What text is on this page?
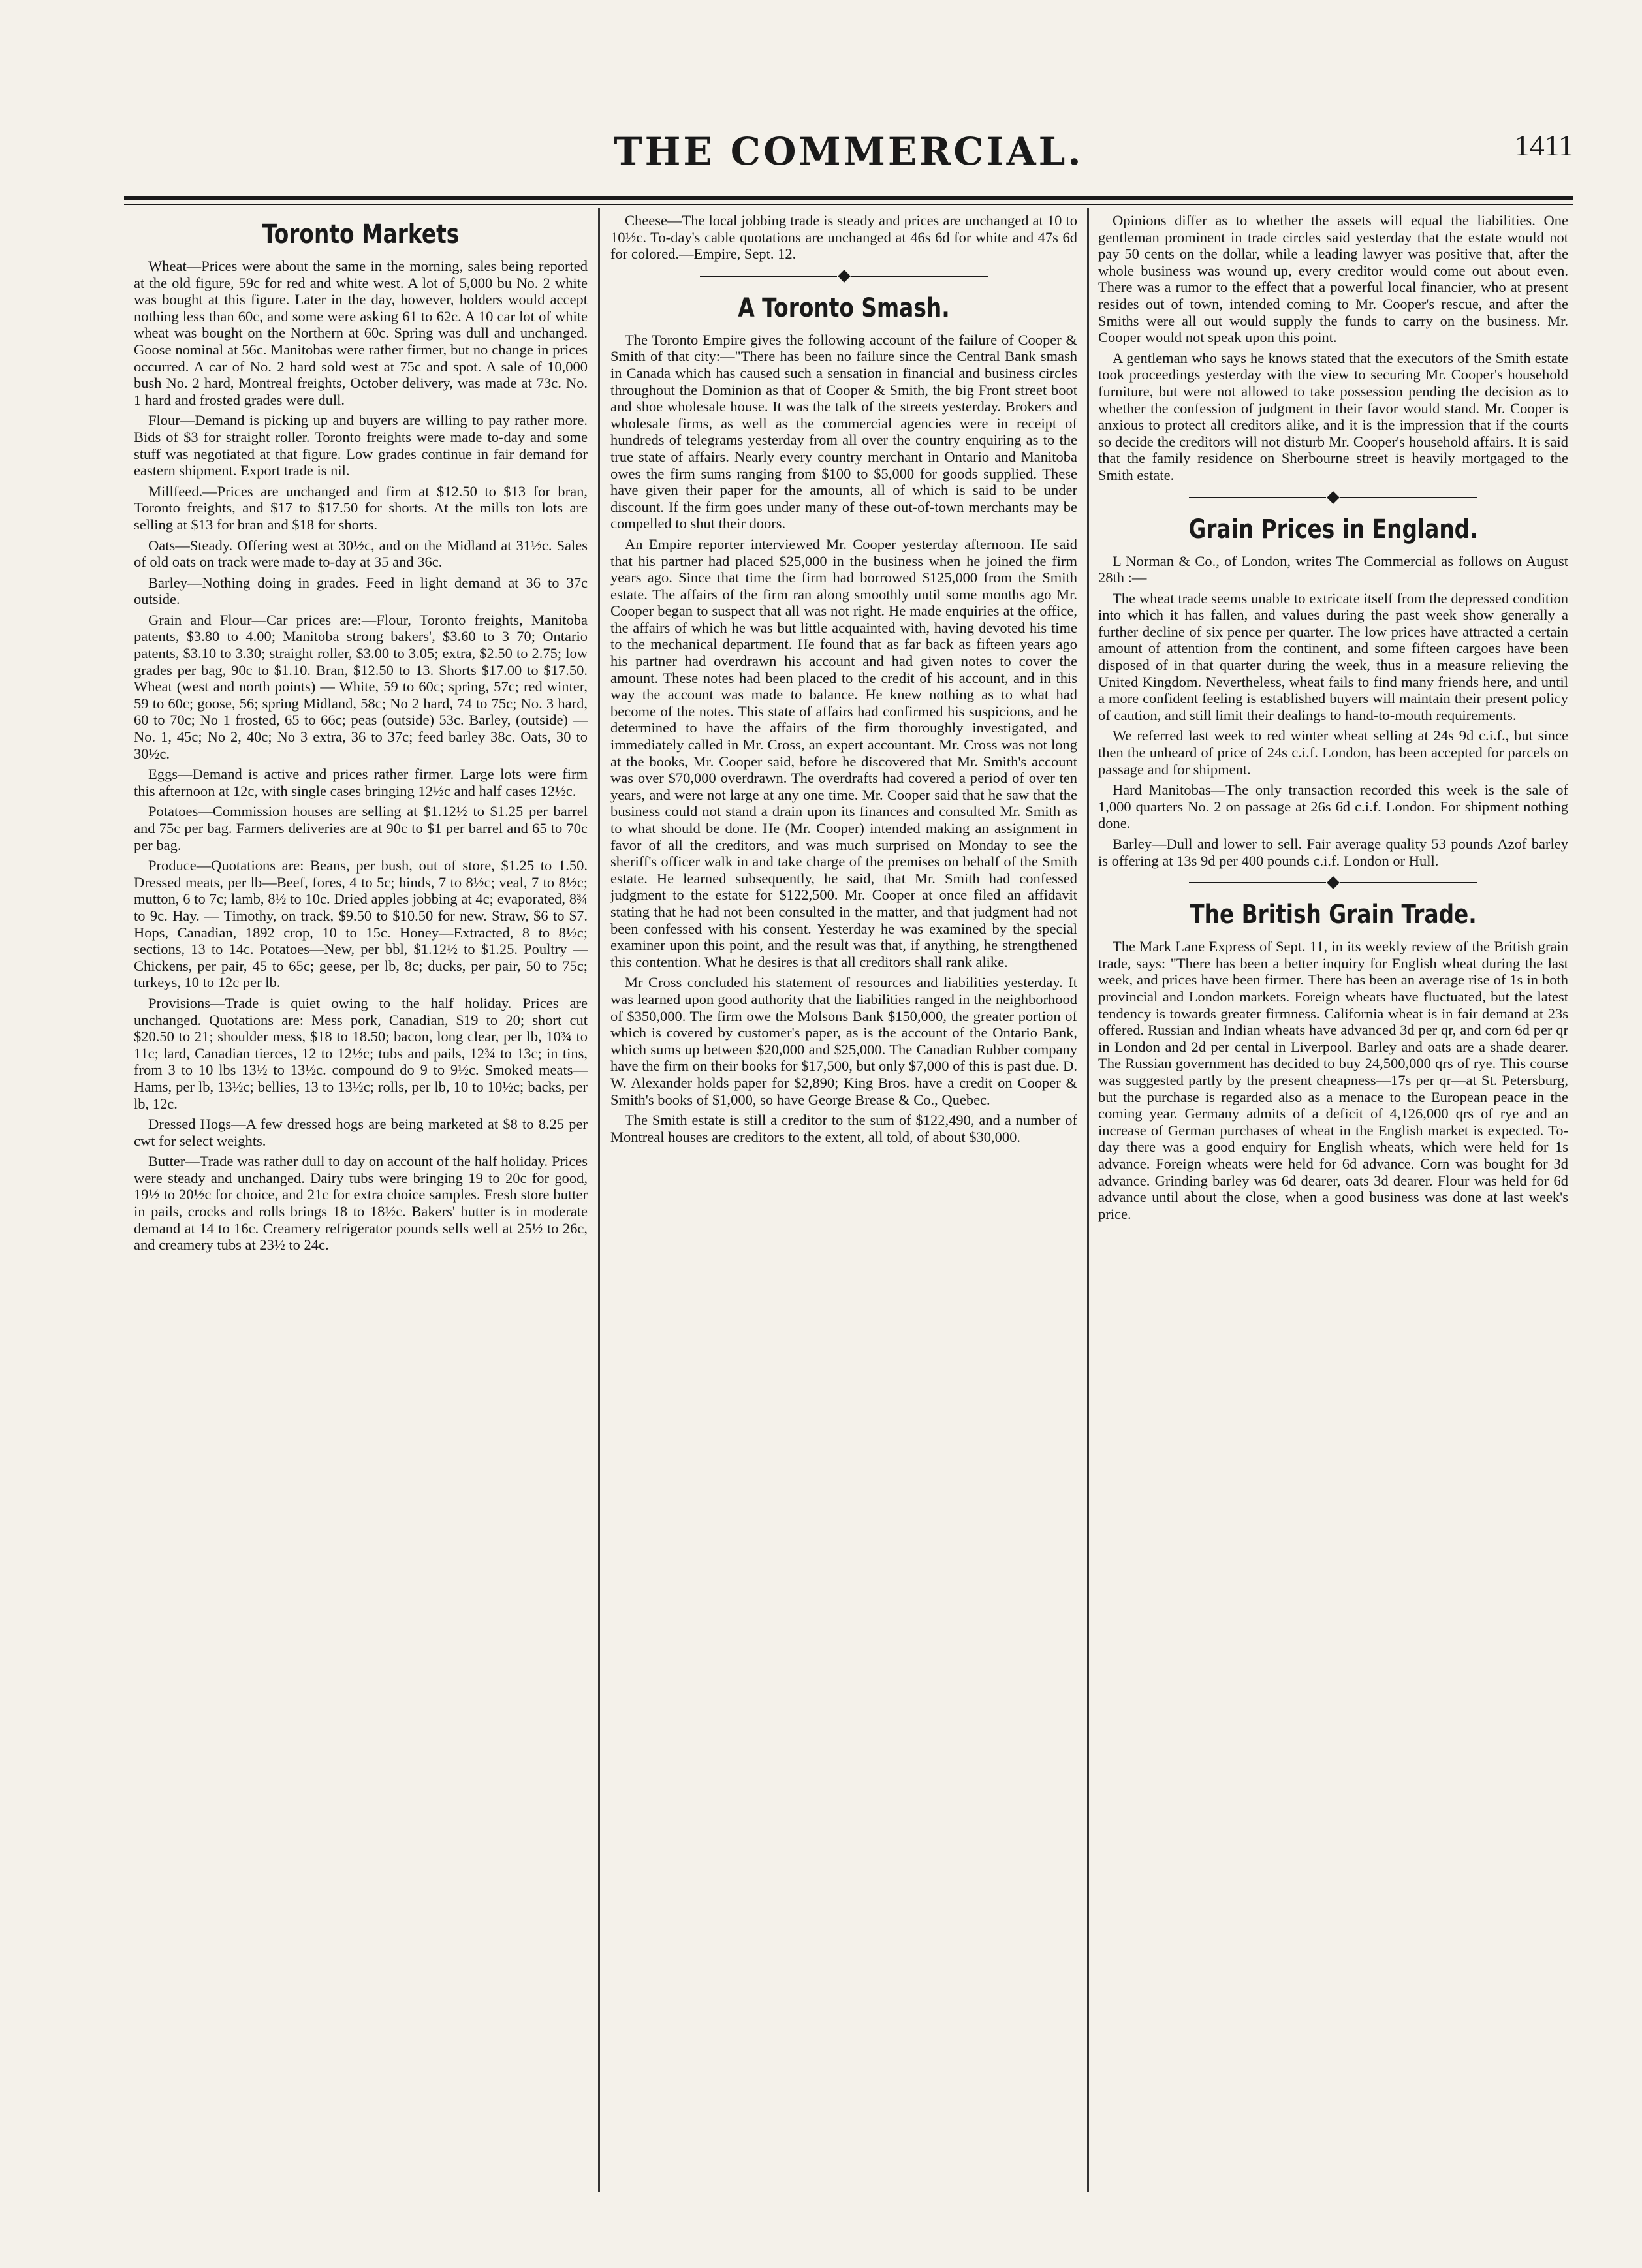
THE COMMERCIAL.	1411
Toronto Markets

Wheat—Prices were about the same in the morning, sales being reported at the old figure, 59c for red and white west. A lot of 5,000 bu No. 2 white was bought at this figure. Later in the day, however, holders would accept nothing less than 60c, and some were asking 61 to 62c. A 10 car lot of white wheat was bought on the Northern at 60c. Spring was dull and unchanged. Goose nominal at 56c. Manitobas were rather firmer, but no change in prices occurred. A car of No. 2 hard sold west at 75c and spot. A sale of 10,000 bush No. 2 hard, Montreal freights, October delivery, was made at 73c. No. 1 hard and frosted grades were dull.

Flour—Demand is picking up and buyers are willing to pay rather more. Bids of $3 for straight roller. Toronto freights were made to-day and some stuff was negotiated at that figure. Low grades continue in fair demand for eastern shipment. Export trade is nil.

Millfeed.—Prices are unchanged and firm at $12.50 to $13 for bran, Toronto freights, and $17 to $17.50 for shorts. At the mills ton lots are selling at $13 for bran and $18 for shorts.

Oats—Steady. Offering west at 30½c, and on the Midland at 31½c. Sales of old oats on track were made to-day at 35 and 36c.

Barley—Nothing doing in grades. Feed in light demand at 36 to 37c outside.

Grain and Flour—Car prices are:—Flour, Toronto freights, Manitoba patents, $3.80 to 4.00; Manitoba strong bakers', $3.60 to 3 70; Ontario patents, $3.10 to 3.30; straight roller, $3.00 to 3.05; extra, $2.50 to 2.75; low grades per bag, 90c to $1.10. Bran, $12.50 to 13. Shorts $17.00 to $17.50. Wheat (west and north points) — White, 59 to 60c; spring, 57c; red winter, 59 to 60c; goose, 56; spring Midland, 58c; No 2 hard, 74 to 75c; No. 3 hard, 60 to 70c; No 1 frosted, 65 to 66c; peas (outside) 53c. Barley, (outside) — No. 1, 45c; No 2, 40c; No 3 extra, 36 to 37c; feed barley 38c. Oats, 30 to 30½c.

Eggs—Demand is active and prices rather firmer. Large lots were firm this afternoon at 12c, with single cases bringing 12½c and half cases 12½c.

Potatoes—Commission houses are selling at $1.12½ to $1.25 per barrel and 75c per bag. Farmers deliveries are at 90c to $1 per barrel and 65 to 70c per bag.

Produce—Quotations are: Beans, per bush, out of store, $1.25 to 1.50. Dressed meats, per lb—Beef, fores, 4 to 5c; hinds, 7 to 8½c; veal, 7 to 8½c; mutton, 6 to 7c; lamb, 8½ to 10c. Dried apples jobbing at 4c; evaporated, 8¾ to 9c. Hay. — Timothy, on track, $9.50 to $10.50 for new. Straw, $6 to $7. Hops, Canadian, 1892 crop, 10 to 15c. Honey—Extracted, 8 to 8½c; sections, 13 to 14c. Potatoes—New, per bbl, $1.12½ to $1.25. Poultry —Chickens, per pair, 45 to 65c; geese, per lb, 8c; ducks, per pair, 50 to 75c; turkeys, 10 to 12c per lb.

Provisions—Trade is quiet owing to the half holiday. Prices are unchanged. Quotations are: Mess pork, Canadian, $19 to 20; short cut $20.50 to 21; shoulder mess, $18 to 18.50; bacon, long clear, per lb, 10¾ to 11c; lard, Canadian tierces, 12 to 12½c; tubs and pails, 12¾ to 13c; in tins, from 3 to 10 lbs 13½ to 13½c. compound do 9 to 9½c. Smoked meats—Hams, per lb, 13½c; bellies, 13 to 13½c; rolls, per lb, 10 to 10½c; backs, per lb, 12c.

Dressed Hogs—A few dressed hogs are being marketed at $8 to 8.25 per cwt for select weights.

Butter—Trade was rather dull to day on account of the half holiday. Prices were steady and unchanged. Dairy tubs were bringing 19 to 20c for good, 19½ to 20½c for choice, and 21c for extra choice samples. Fresh store butter in pails, crocks and rolls brings 18 to 18½c. Bakers' butter is in moderate demand at 14 to 16c. Creamery refrigerator pounds sells well at 25½ to 26c, and creamery tubs at 23½ to 24c.

Cheese—The local jobbing trade is steady and prices are unchanged at 10 to 10½c. To-day's cable quotations are unchanged at 46s 6d for white and 47s 6d for colored.—Empire, Sept. 12.

A Toronto Smash.

The Toronto Empire gives the following account of the failure of Cooper & Smith of that city:—"There has been no failure since the Central Bank smash in Canada which has caused such a sensation in financial and business circles throughout the Dominion as that of Cooper & Smith, the big Front street boot and shoe wholesale house. It was the talk of the streets yesterday. Brokers and wholesale firms, as well as the commercial agencies were in receipt of hundreds of telegrams yesterday from all over the country enquiring as to the true state of affairs. Nearly every country merchant in Ontario and Manitoba owes the firm sums ranging from $100 to $5,000 for goods supplied. These have given their paper for the amounts, all of which is said to be under discount. If the firm goes under many of these out-of-town merchants may be compelled to shut their doors.

An Empire reporter interviewed Mr. Cooper yesterday afternoon. He said that his partner had placed $25,000 in the business when he joined the firm years ago. Since that time the firm had borrowed $125,000 from the Smith estate. The affairs of the firm ran along smoothly until some months ago Mr. Cooper began to suspect that all was not right. He made enquiries at the office, the affairs of which he was but little acquainted with, having devoted his time to the mechanical department. He found that as far back as fifteen years ago his partner had overdrawn his account and had given notes to cover the amount. These notes had been placed to the credit of his account, and in this way the account was made to balance. He knew nothing as to what had become of the notes. This state of affairs had confirmed his suspicions, and he determined to have the affairs of the firm thoroughly investigated, and immediately called in Mr. Cross, an expert accountant. Mr. Cross was not long at the books, Mr. Cooper said, before he discovered that Mr. Smith's account was over $70,000 overdrawn. The overdrafts had covered a period of over ten years, and were not large at any one time. Mr. Cooper said that he saw that the business could not stand a drain upon its finances and consulted Mr. Smith as to what should be done. He (Mr. Cooper) intended making an assignment in favor of all the creditors, and was much surprised on Monday to see the sheriff's officer walk in and take charge of the premises on behalf of the Smith estate. He learned subsequently, he said, that Mr. Smith had confessed judgment to the estate for $122,500. Mr. Cooper at once filed an affidavit stating that he had not been consulted in the matter, and that judgment had not been confessed with his consent. Yesterday he was examined by the special examiner upon this point, and the result was that, if anything, he strengthened this contention. What he desires is that all creditors shall rank alike.

Mr Cross concluded his statement of resources and liabilities yesterday. It was learned upon good authority that the liabilities ranged in the neighborhood of $350,000. The firm owe the Molsons Bank $150,000, the greater portion of which is covered by customer's paper, as is the account of the Ontario Bank, which sums up between $20,000 and $25,000. The Canadian Rubber company have the firm on their books for $17,500, but only $7,000 of this is past due. D. W. Alexander holds paper for $2,890; King Bros. have a credit on Cooper & Smith's books of $1,000, so have George Brease & Co., Quebec.

The Smith estate is still a creditor to the sum of $122,490, and a number of Montreal houses are creditors to the extent, all told, of about $30,000.

Opinions differ as to whether the assets will equal the liabilities. One gentleman prominent in trade circles said yesterday that the estate would not pay 50 cents on the dollar, while a leading lawyer was positive that, after the whole business was wound up, every creditor would come out about even. There was a rumor to the effect that a powerful local financier, who at present resides out of town, intended coming to Mr. Cooper's rescue, and after the Smiths were all out would supply the funds to carry on the business. Mr. Cooper would not speak upon this point.

A gentleman who says he knows stated that the executors of the Smith estate took proceedings yesterday with the view to securing Mr. Cooper's household furniture, but were not allowed to take possession pending the decision as to whether the confession of judgment in their favor would stand. Mr. Cooper is anxious to protect all creditors alike, and it is the impression that if the courts so decide the creditors will not disturb Mr. Cooper's household affairs. It is said that the family residence on Sherbourne street is heavily mortgaged to the Smith estate.

Grain Prices in England.

L Norman & Co., of London, writes The Commercial as follows on August 28th :—

The wheat trade seems unable to extricate itself from the depressed condition into which it has fallen, and values during the past week show generally a further decline of six pence per quarter. The low prices have attracted a certain amount of attention from the continent, and some fifteen cargoes have been disposed of in that quarter during the week, thus in a measure relieving the United Kingdom. Nevertheless, wheat fails to find many friends here, and until a more confident feeling is established buyers will maintain their present policy of caution, and still limit their dealings to hand-to-mouth requirements.

We referred last week to red winter wheat selling at 24s 9d c.i.f., but since then the unheard of price of 24s c.i.f. London, has been accepted for parcels on passage and for shipment.

Hard Manitobas—The only transaction recorded this week is the sale of 1,000 quarters No. 2 on passage at 26s 6d c.i.f. London. For shipment nothing done.

Barley—Dull and lower to sell. Fair average quality 53 pounds Azof barley is offering at 13s 9d per 400 pounds c.i.f. London or Hull.

The British Grain Trade.

The Mark Lane Express of Sept. 11, in its weekly review of the British grain trade, says: "There has been a better inquiry for English wheat during the last week, and prices have been firmer. There has been an average rise of 1s in both provincial and London markets. Foreign wheats have fluctuated, but the latest tendency is towards greater firmness. California wheat is in fair demand at 23s offered. Russian and Indian wheats have advanced 3d per qr, and corn 6d per qr in London and 2d per cental in Liverpool. Barley and oats are a shade dearer. The Russian government has decided to buy 24,500,000 qrs of rye. This course was suggested partly by the present cheapness—17s per qr—at St. Petersburg, but the purchase is regarded also as a menace to the European peace in the coming year. Germany admits of a deficit of 4,126,000 qrs of rye and an increase of German purchases of wheat in the English market is expected. To-day there was a good enquiry for English wheats, which were held for 1s advance. Foreign wheats were held for 6d advance. Corn was bought for 3d advance. Grinding barley was 6d dearer, oats 3d dearer. Flour was held for 6d advance until about the close, when a good business was done at last week's price.
